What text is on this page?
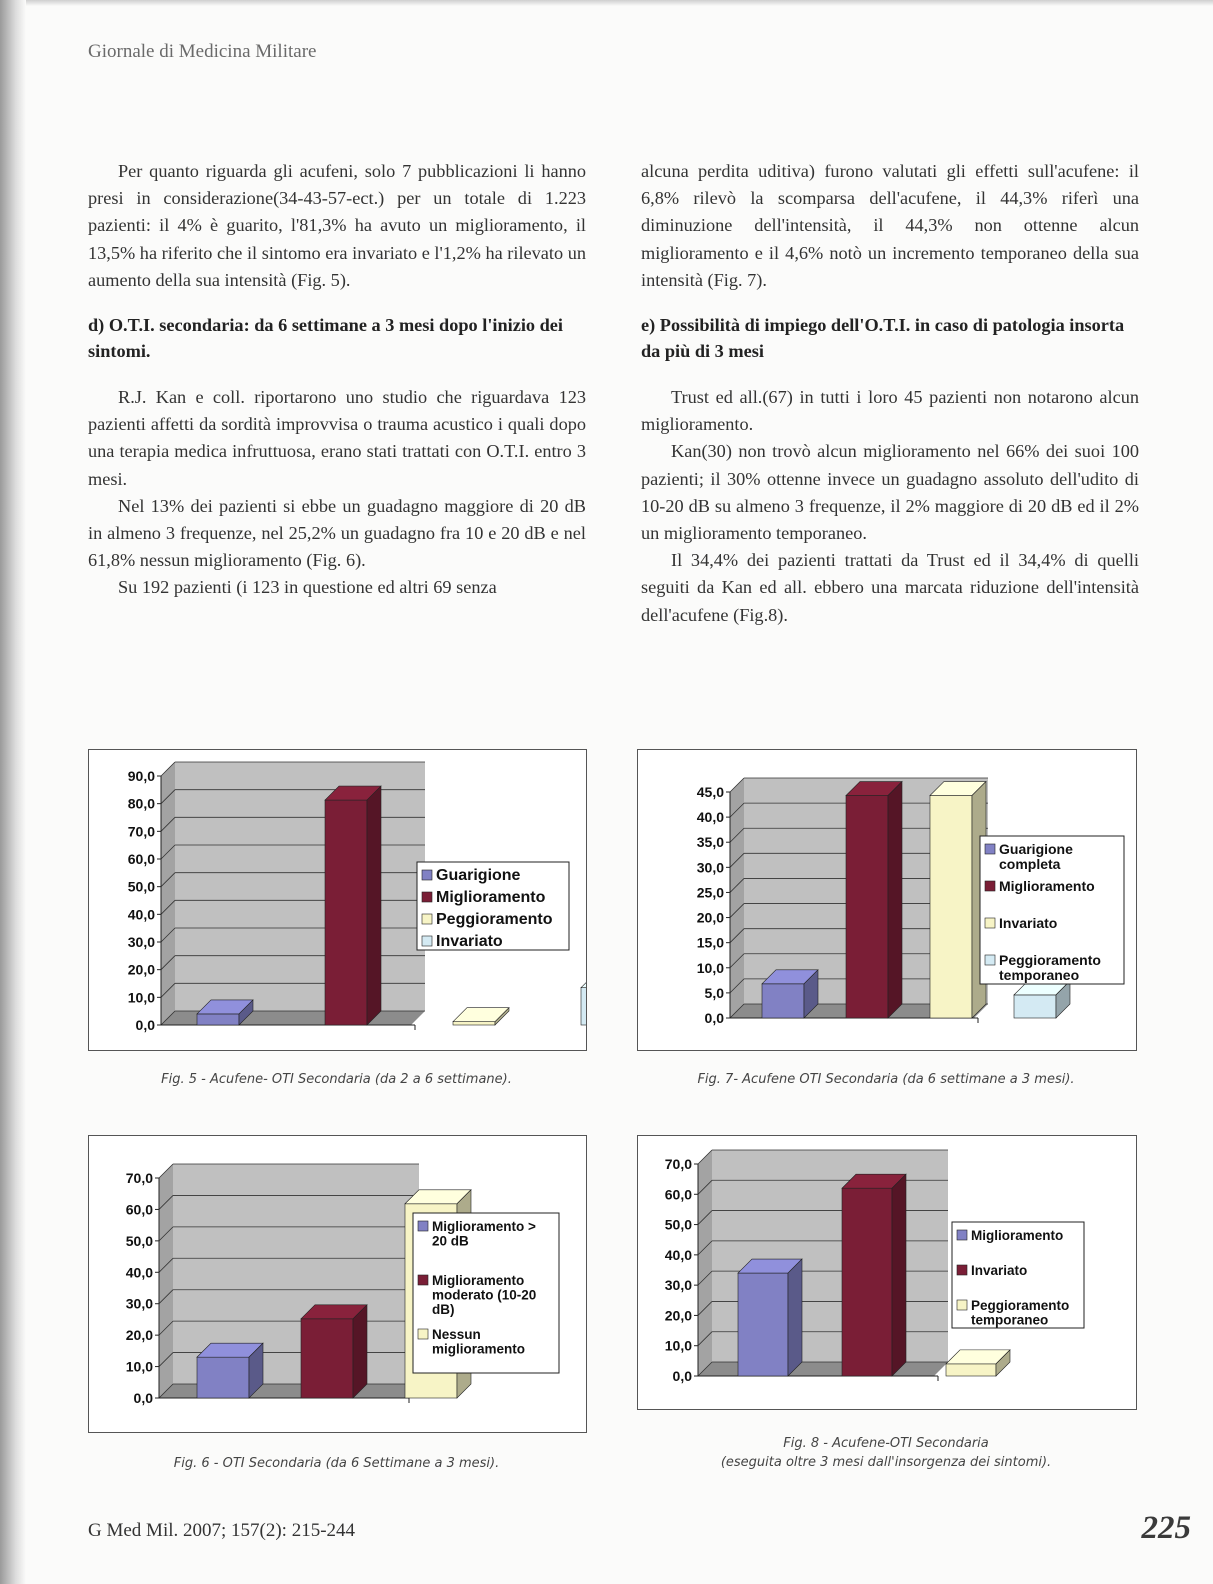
Giornale di Medicina Militare

Per quanto riguarda gli acufeni, solo 7 pubblicazioni li hanno presi in considerazione(34-43-57-ect.) per un totale di 1.223 pazienti: il 4% è guarito, l'81,3% ha avuto un miglioramento, il 13,5% ha riferito che il sintomo era invariato e l'1,2% ha rilevato un aumento della sua intensità (Fig. 5).

d) O.T.I. secondaria: da 6 settimane a 3 mesi dopo l'inizio dei sintomi.

R.J. Kan e coll. riportarono uno studio che riguardava 123 pazienti affetti da sordità improvvisa o trauma acustico i quali dopo una terapia medica infruttuosa, erano stati trattati con O.T.I. entro 3 mesi.

Nel 13% dei pazienti si ebbe un guadagno maggiore di 20 dB in almeno 3 frequenze, nel 25,2% un guadagno fra 10 e 20 dB e nel 61,8% nessun miglioramento (Fig. 6).

Su 192 pazienti (i 123 in questione ed altri 69 senza

alcuna perdita uditiva) furono valutati gli effetti sull'acufene: il 6,8% rilevò la scomparsa dell'acufene, il 44,3% riferì una diminuzione dell'intensità, il 44,3% non ottenne alcun miglioramento e il 4,6% notò un incremento temporaneo della sua intensità (Fig. 7).

e) Possibilità di impiego dell'O.T.I. in caso di patologia insorta da più di 3 mesi

Trust ed all.(67) in tutti i loro 45 pazienti non notarono alcun miglioramento.

Kan(30) non trovò alcun miglioramento nel 66% dei suoi 100 pazienti; il 30% ottenne invece un guadagno assoluto dell'udito di 10-20 dB su almeno 3 frequenze, il 2% maggiore di 20 dB ed il 2% un miglioramento temporaneo.

Il 34,4% dei pazienti trattati da Trust ed il 34,4% di quelli seguiti da Kan ed all. ebbero una marcata riduzione dell'intensità dell'acufene (Fig.8).

0,0
10,0
20,0
30,0
40,0
50,0
60,0
70,0
80,0
90,0
Guarigione
Miglioramento
Peggioramento
Invariato
0,0
5,0
10,0
15,0
20,0
25,0
30,0
35,0
40,0
45,0
Guarigione
completa
Miglioramento
Invariato
Peggioramento
temporaneo
0,0
10,0
20,0
30,0
40,0
50,0
60,0
70,0
Miglioramento >
20 dB
Miglioramento
moderato (10-20
dB)
Nessun
miglioramento
0,0
10,0
20,0
30,0
40,0
50,0
60,0
70,0
Miglioramento
Invariato
Peggioramento
temporaneo
Fig. 5 - Acufene- OTI Secondaria (da 2 a 6 settimane).	Fig. 7- Acufene OTI Secondaria (da 6 settimane a 3 mesi).
Fig. 6 - OTI Secondaria (da 6 Settimane a 3 mesi).
Fig. 8 - Acufene-OTI Secondaria
(eseguita oltre 3 mesi dall'insorgenza dei sintomi).
G Med Mil. 2007; 157(2): 215-244	225
